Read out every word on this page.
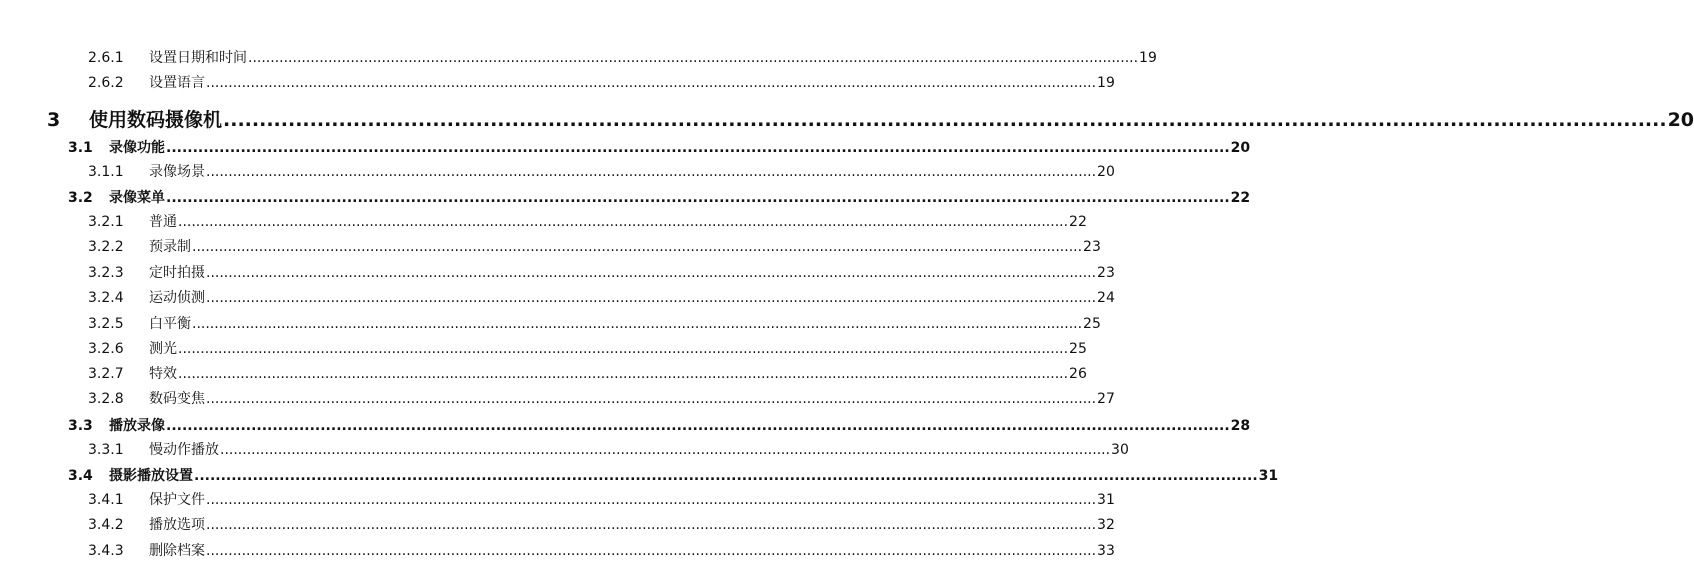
2.6.1 设置日期和时间 ........................................................................................................................................................................................................ 19
2.6.2 设置语言 ........................................................................................................................................................................................................ 19
3 使用数码摄像机 ........................................................................................................................................................................................................ 20
3.1 录像功能 ........................................................................................................................................................................................................ 20
3.1.1 录像场景 ........................................................................................................................................................................................................ 20
3.2 录像菜单 ........................................................................................................................................................................................................ 22
3.2.1 普通 ........................................................................................................................................................................................................ 22
3.2.2 预录制 ........................................................................................................................................................................................................ 23
3.2.3 定时拍摄 ........................................................................................................................................................................................................ 23
3.2.4 运动侦测 ........................................................................................................................................................................................................ 24
3.2.5 白平衡 ........................................................................................................................................................................................................ 25
3.2.6 测光 ........................................................................................................................................................................................................ 25
3.2.7 特效 ........................................................................................................................................................................................................ 26
3.2.8 数码变焦 ........................................................................................................................................................................................................ 27
3.3 播放录像 ........................................................................................................................................................................................................ 28
3.3.1 慢动作播放 ........................................................................................................................................................................................................ 30
3.4 摄影播放设置 ........................................................................................................................................................................................................ 31
3.4.1 保护文件 ........................................................................................................................................................................................................ 31
3.4.2 播放选项 ........................................................................................................................................................................................................ 32
3.4.3 删除档案 ........................................................................................................................................................................................................ 33
